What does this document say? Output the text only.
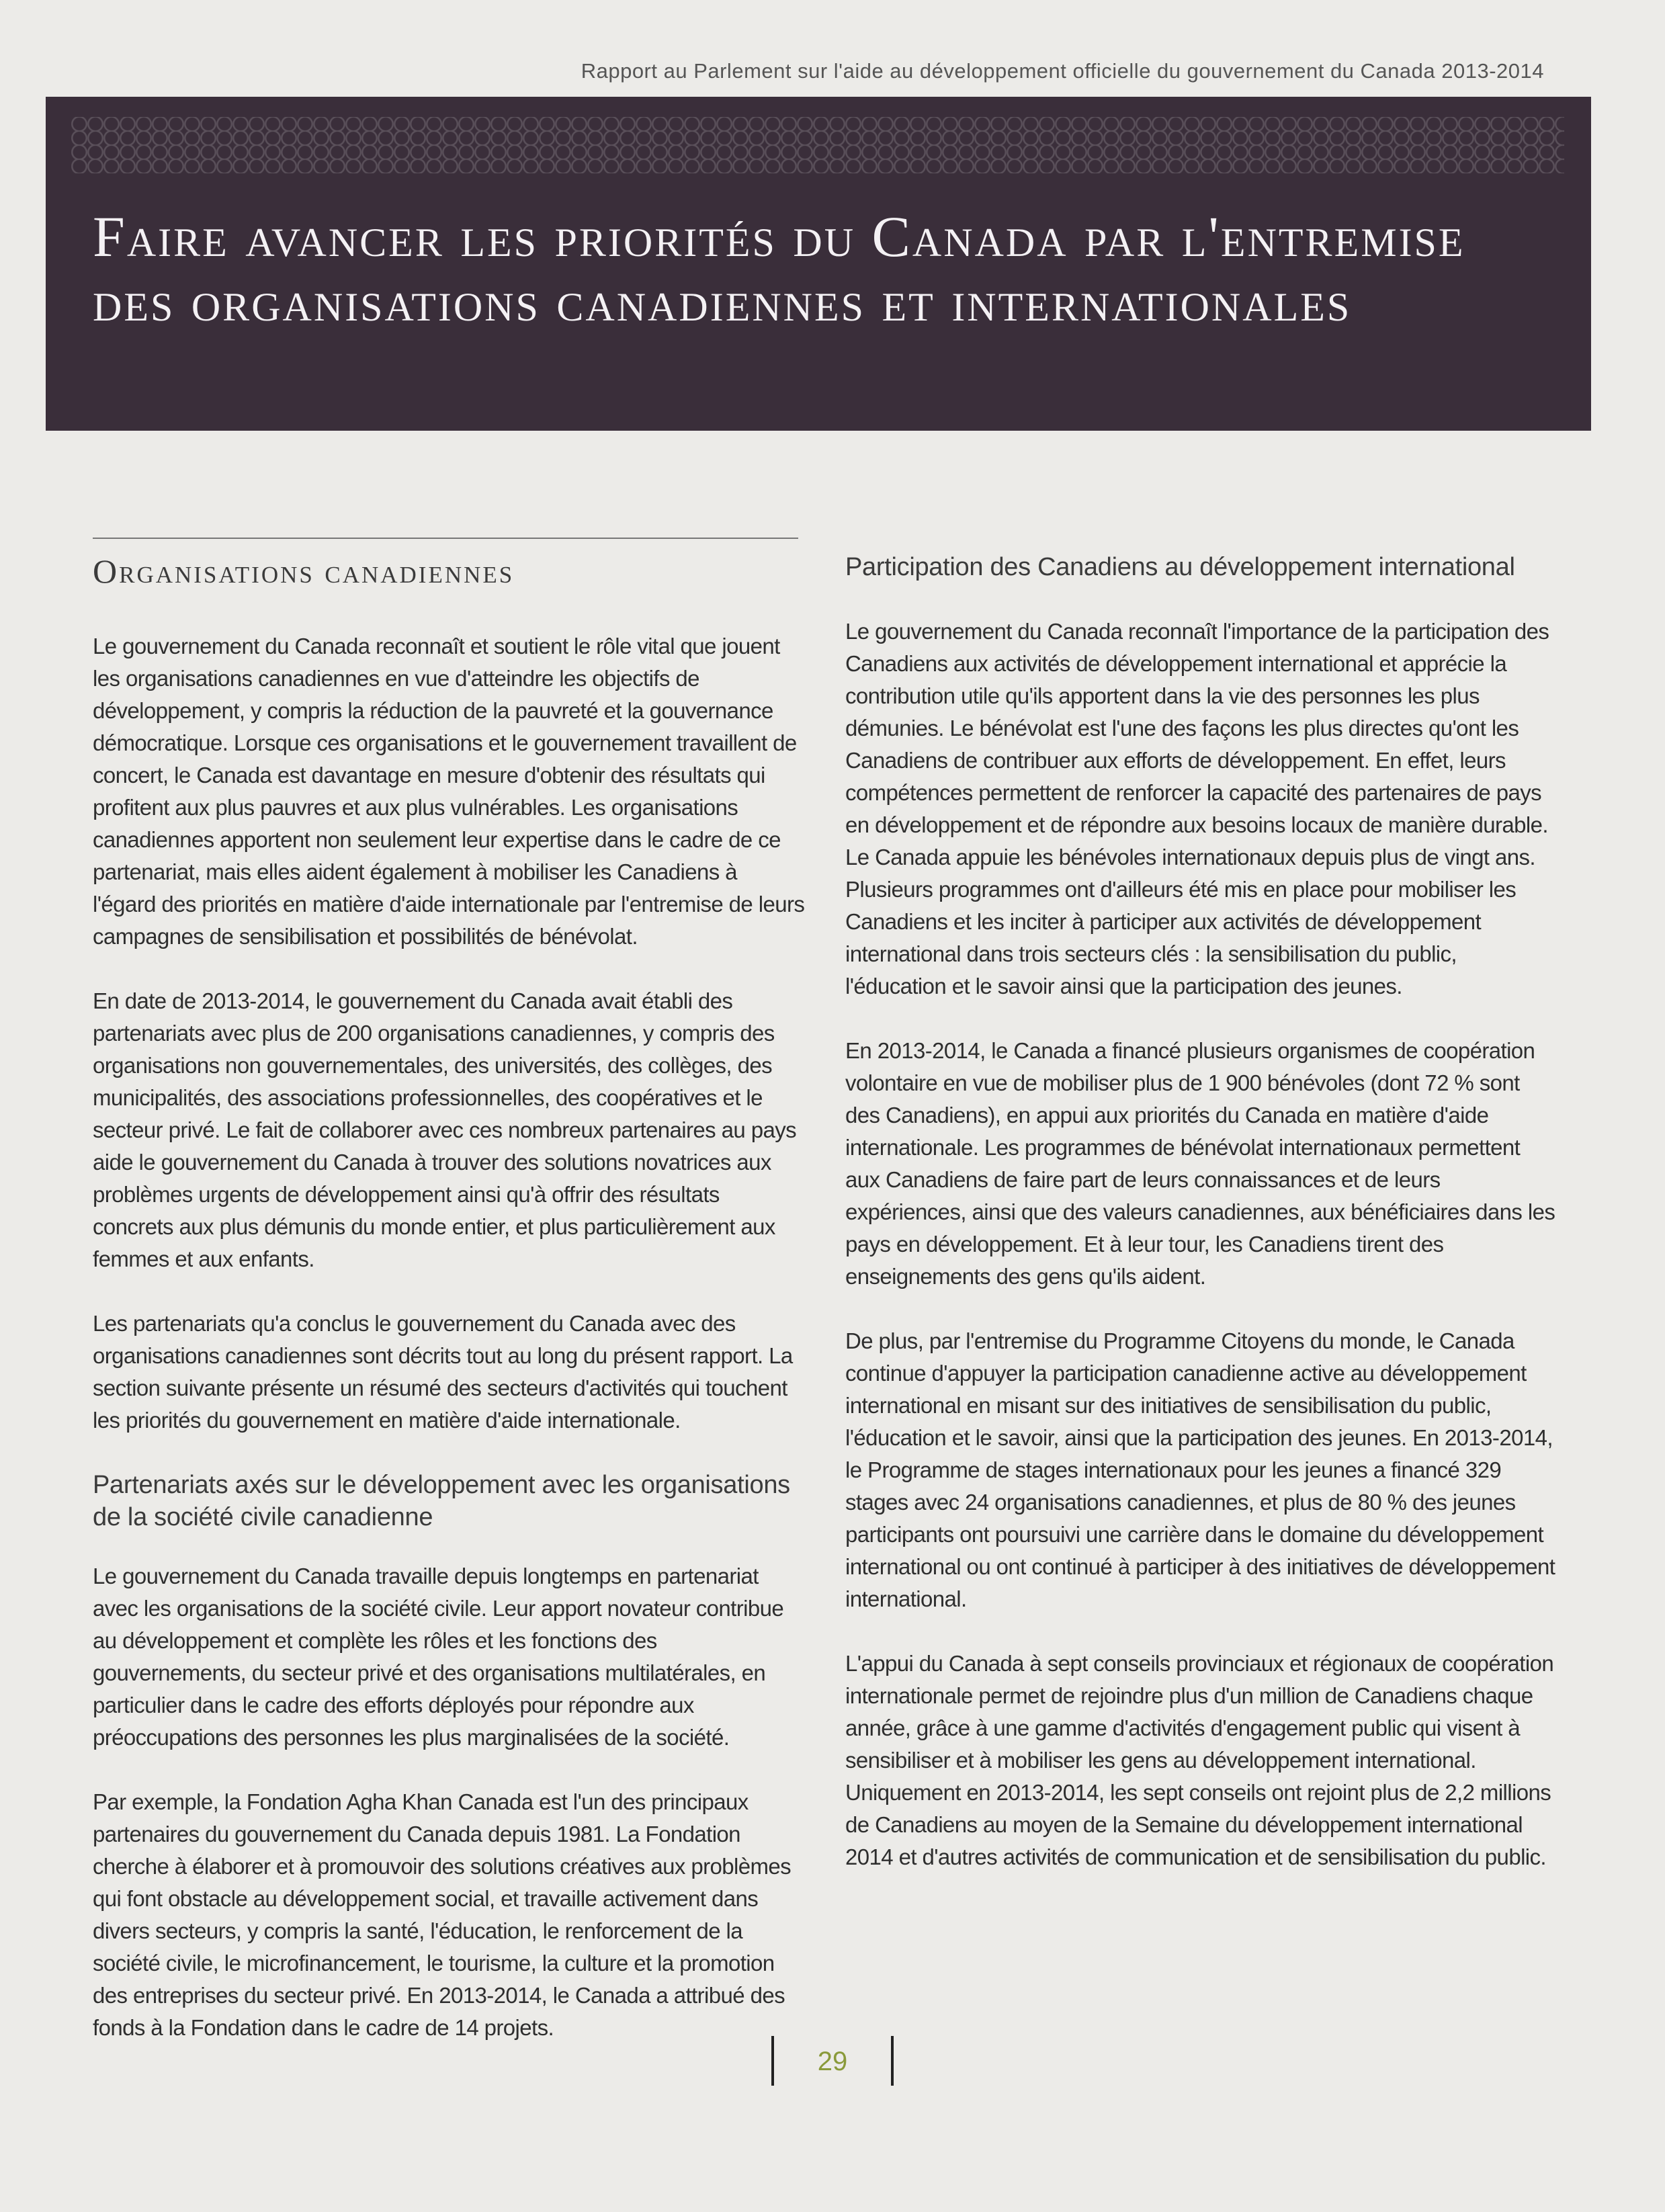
Rapport au Parlement sur l'aide au développement officielle du gouvernement du Canada 2013-2014
Faire avancer les priorités du Canada par l'entremise des organisations canadiennes et internationales
Organisations canadiennes

Le gouvernement du Canada reconnaît et soutient le rôle vital que jouent les organisations canadiennes en vue d'atteindre les objectifs de développement, y compris la réduction de la pauvreté et la gouvernance démocratique. Lorsque ces organisations et le gouvernement travaillent de concert, le Canada est davantage en mesure d'obtenir des résultats qui profitent aux plus pauvres et aux plus vulnérables. Les organisations canadiennes apportent non seulement leur expertise dans le cadre de ce partenariat, mais elles aident également à mobiliser les Canadiens à l'égard des priorités en matière d'aide internationale par l'entremise de leurs campagnes de sensibilisation et possibilités de bénévolat.

En date de 2013-2014, le gouvernement du Canada avait établi des partenariats avec plus de 200 organisations canadiennes, y compris des organisations non gouvernementales, des universités, des collèges, des municipalités, des associations professionnelles, des coopératives et le secteur privé. Le fait de collaborer avec ces nombreux partenaires au pays aide le gouvernement du Canada à trouver des solutions novatrices aux problèmes urgents de développement ainsi qu'à offrir des résultats concrets aux plus démunis du monde entier, et plus particulièrement aux femmes et aux enfants.

Les partenariats qu'a conclus le gouvernement du Canada avec des organisations canadiennes sont décrits tout au long du présent rapport. La section suivante présente un résumé des secteurs d'activités qui touchent les priorités du gouvernement en matière d'aide internationale.

Partenariats axés sur le développement avec les organisations de la société civile canadienne

Le gouvernement du Canada travaille depuis longtemps en partenariat avec les organisations de la société civile. Leur apport novateur contribue au développement et complète les rôles et les fonctions des gouvernements, du secteur privé et des organisations multilatérales, en particulier dans le cadre des efforts déployés pour répondre aux préoccupations des personnes les plus marginalisées de la société.

Par exemple, la Fondation Agha Khan Canada est l'un des principaux partenaires du gouvernement du Canada depuis 1981. La Fondation cherche à élaborer et à promouvoir des solutions créatives aux problèmes qui font obstacle au développement social, et travaille activement dans divers secteurs, y compris la santé, l'éducation, le renforcement de la société civile, le microfinancement, le tourisme, la culture et la promotion des entreprises du secteur privé. En 2013-2014, le Canada a attribué des fonds à la Fondation dans le cadre de 14 projets.

Participation des Canadiens au développement international

Le gouvernement du Canada reconnaît l'importance de la participation des Canadiens aux activités de développement international et apprécie la contribution utile qu'ils apportent dans la vie des personnes les plus démunies. Le bénévolat est l'une des façons les plus directes qu'ont les Canadiens de contribuer aux efforts de développement. En effet, leurs compétences permettent de renforcer la capacité des partenaires de pays en développement et de répondre aux besoins locaux de manière durable. Le Canada appuie les bénévoles internationaux depuis plus de vingt ans. Plusieurs programmes ont d'ailleurs été mis en place pour mobiliser les Canadiens et les inciter à participer aux activités de développement international dans trois secteurs clés : la sensibilisation du public, l'éducation et le savoir ainsi que la participation des jeunes.

En 2013-2014, le Canada a financé plusieurs organismes de coopération volontaire en vue de mobiliser plus de 1 900 bénévoles (dont 72 % sont des Canadiens), en appui aux priorités du Canada en matière d'aide internationale. Les programmes de bénévolat internationaux permettent aux Canadiens de faire part de leurs connaissances et de leurs expériences, ainsi que des valeurs canadiennes, aux bénéficiaires dans les pays en développement. Et à leur tour, les Canadiens tirent des enseignements des gens qu'ils aident.

De plus, par l'entremise du Programme Citoyens du monde, le Canada continue d'appuyer la participation canadienne active au développement international en misant sur des initiatives de sensibilisation du public, l'éducation et le savoir, ainsi que la participation des jeunes. En 2013-2014, le Programme de stages internationaux pour les jeunes a financé 329 stages avec 24 organisations canadiennes, et plus de 80 % des jeunes participants ont poursuivi une carrière dans le domaine du développement international ou ont continué à participer à des initiatives de développement international.

L'appui du Canada à sept conseils provinciaux et régionaux de coopération internationale permet de rejoindre plus d'un million de Canadiens chaque année, grâce à une gamme d'activités d'engagement public qui visent à sensibiliser et à mobiliser les gens au développement international. Uniquement en 2013-2014, les sept conseils ont rejoint plus de 2,2 millions de Canadiens au moyen de la Semaine du développement international 2014 et d'autres activités de communication et de sensibilisation du public.

29
